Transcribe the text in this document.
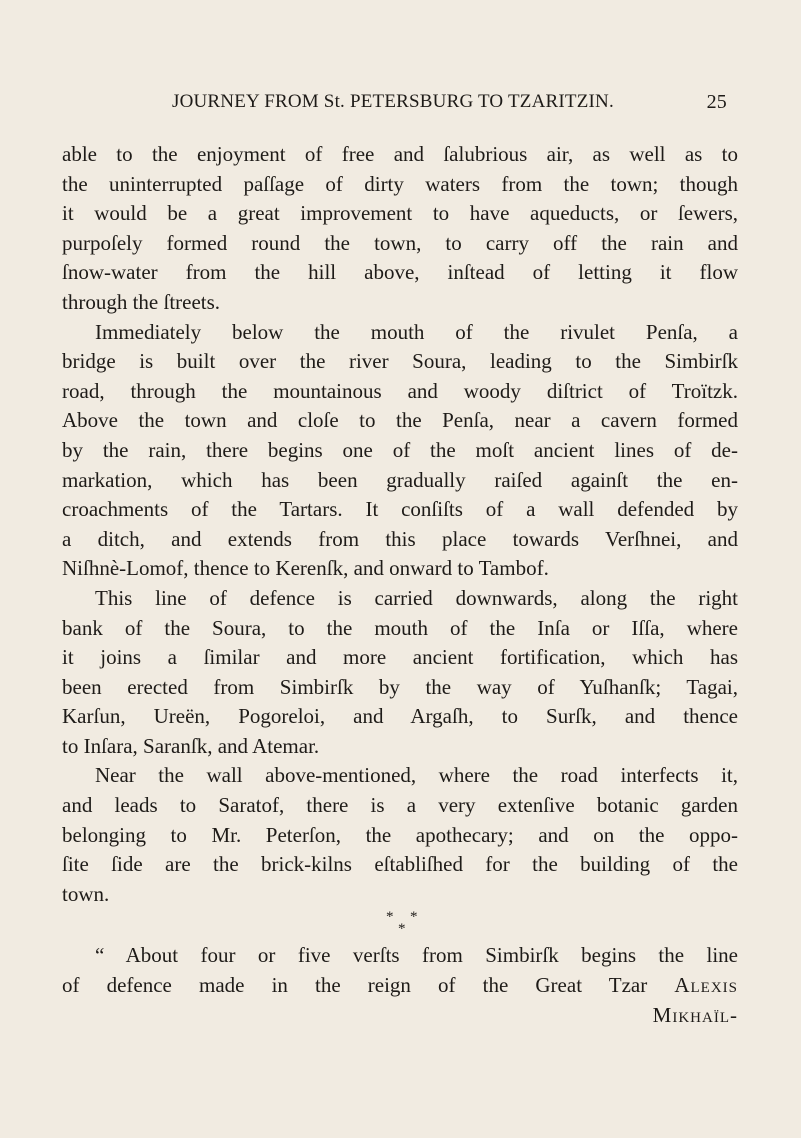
JOURNEY FROM St. PETERSBURG TO TZARITZIN.	25
able to the enjoyment of free and ſalubrious air, as well as to
the uninterrupted paſſage of dirty waters from the town; though
it would be a great improvement to have aqueducts, or ſewers,
purpoſely formed round the town, to carry off the rain and
ſnow-water from the hill above, inſtead of letting it flow
through the ſtreets.
Immediately below the mouth of the rivulet Penſa, a
bridge is built over the river Soura, leading to the Simbirſk
road, through the mountainous and woody diſtrict of Troïtzk.
Above the town and cloſe to the Penſa, near a cavern formed
by the rain, there begins one of the moſt ancient lines of de-
markation, which has been gradually raiſed againſt the en-
croachments of the Tartars. It conſiſts of a wall defended by
a ditch, and extends from this place towards Verſhnei, and
Niſhnè-Lomof, thence to Kerenſk, and onward to Tambof.
This line of defence is carried downwards, along the right
bank of the Soura, to the mouth of the Inſa or Iſſa, where
it joins a ſimilar and more ancient fortification, which has
been erected from Simbirſk by the way of Yuſhanſk; Tagai,
Karſun, Ureën, Pogoreloi, and Argaſh, to Surſk, and thence
to Inſara, Saranſk, and Atemar.
Near the wall above-mentioned, where the road interfects it,
and leads to Saratof, there is a very extenſive botanic garden
belonging to Mr. Peterſon, the apothecary; and on the oppo-
ſite ſide are the brick-kilns eſtabliſhed for the building of the
town.
*
*
*
“ About four or five verſts from Simbirſk begins the line
of defence made in the reign of the Great Tzar Alexis
Mikhaïl-
